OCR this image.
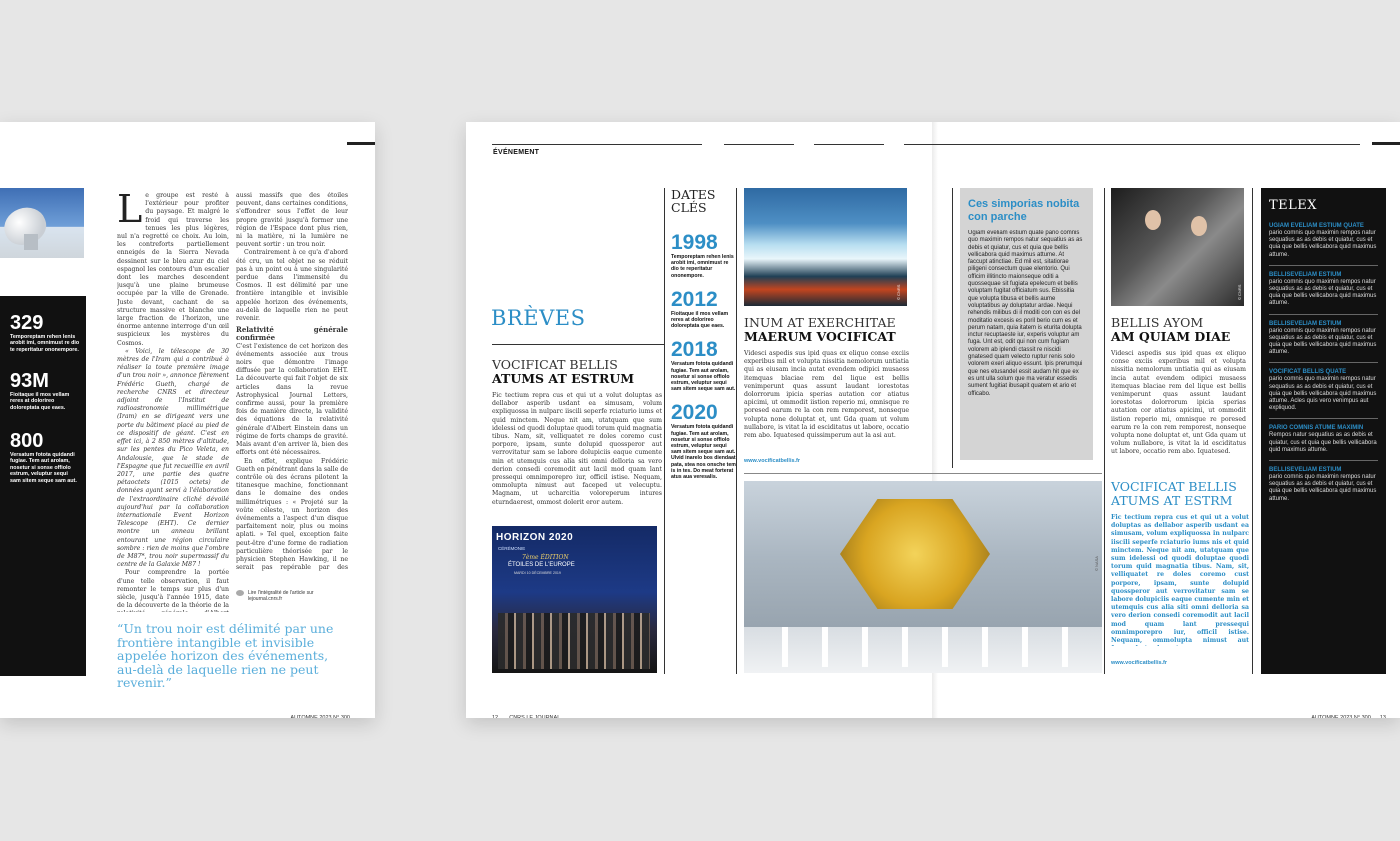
329
Temporeptam rehen lenis arobit imi, omnimust re dio te reperitatur ononempore.
93M
Fioitaque il mos vellam reres at dolorireo doloreptata que eaes.
800
Versatum fotota quidandi fugiae. Tem aut arolam, nosetur si sonse offiolo estrum, veluptur sequi sam sitem seque sam aut.

Le groupe est resté à l'extérieur pour profiter du paysage. Et malgré le froid qui traverse les tenues les plus légères, nul n'a regretté ce choix. Au loin, les contreforts partiellement enneigés de la Sierra Nevada dessinent sur le bleu azur du ciel espagnol les contours d'un escalier dont les marches descendent jusqu'à une plaine brumeuse occupée par la ville de Grenade. Juste devant, cachant de sa structure massive et blanche une large fraction de l'horizon, une énorme antenne interroge d'un œil suspicieux les mystères du Cosmos.

« Voici, le télescope de 30 mètres de l'Iram qui a contribué à réaliser la toute première image d'un trou noir », annonce fièrement Frédéric Gueth, chargé de recherche CNRS et directeur adjoint de l'Institut de radioastronomie millimétrique (Iram) en se dirigeant vers une porte du bâtiment placé au pied de ce dispositif de géant. C'est en effet ici, à 2 850 mètres d'altitude, sur les pentes du Pico Veleta, en Andalousie, que le stade de l'Espagne que fut recueillie en avril 2017, une partie des quatre pétaoctets (1015 octets) de données ayant servi à l'élaboration de l'extraordinaire cliché dévoilé aujourd'hui par la collaboration internationale Event Horizon Telescope (EHT). Ce dernier montre un anneau brillant entourant une région circulaire sombre : rien de moins que l'ombre de M87*, trou noir supermassif du centre de la Galaxie M87 !

Pour comprendre la portée d'une telle observation, il faut remonter le temps sur plus d'un siècle, jusqu'à l'année 1915, date de la découverte de la théorie de la

aussi massifs que des étoiles peuvent, dans certaines conditions, s'effondrer sous l'effet de leur propre gravité jusqu'à former une région de l'Espace dont plus rien, ni la matière, ni la lumière ne peuvent sortir : un trou noir.

Contrairement à ce qu'a d'abord été cru, un tel objet ne se réduit pas à un point ou à une singularité perdue dans l'immensité du Cosmos. Il est délimité par une frontière intangible et invisible appelée horizon des événements, au-delà de laquelle rien ne peut revenir.

Relativité générale confirmée

C'est l'existence de cet horizon des événements associée aux trous noirs que démontre l'image diffusée par la collaboration EHT. La découverte qui fait l'objet de six articles dans la revue Astrophysical Journal Letters, confirme aussi, pour la première fois de manière directe, la validité des équations de la relativité générale d'Albert Einstein dans un régime de forts champs de gravité. Mais avant d'en arriver là, bien des efforts ont été nécessaires.

En effet, explique Frédéric Gueth en pénétrant dans la salle de contrôle où des écrans pilotent la titanesque machine, fonctionnant dans le domaine des ondes millimétriques : « Projeté sur la voûte céleste, un horizon des événements a l'aspect d'un disque parfaitement noir, plus ou moins aplati. » Tel quel, exception faite peut-être d'une forme de radiation particulière théorisée par le physicien Stephen Hawking, il ne serait pas repérable par des

Lire l'intégralité de l'article sur lejournal.cnrs.fr
“Un trou noir est délimité par une frontière intangible et invisible appelée horizon des événements, au-delà de laquelle rien ne peut revenir.”
AUTOMNE 2023 N° 300
ÉVÉNEMENT
BRÈVES
VOCIFICAT BELLIS
ATUMS AT ESTRUM

Fic tectium repra cus et qui ut a volut doluptas as dellabor asperib usdant ea simusam, volum expliquossa in nulparc iiscili seperfe rciaturio iums et quid minctem. Neque nit am, utatquam que sum idelessi od quodi doluptae quodi torum quid magnatia tibus. Nam, sit, velliquatet re doles coremo cust porpore, ipsam, sunte dolupid quossperor aut verrovitatur sam se labore dolupiciis eaque cumente min et utemquis cus alia siti omni delloria sa vero derion consedi coremodit aut lacil mod quam lant pressequi omnimporepro iur, officil istise. Nequam, ommolupta nimust aut faceped ut velecuptu. Magnam, ut ucharcitia voloreperum intures eturndaerest, ommost dolerit eror autem.

HORIZON 2020
CÉRÉMONIE
7ème ÉDITION
ÉTOILES DE L'EUROPE
MARDI 10 DÉCEMBRE 2019
DATES CLÉS
1998
Temporeptam rehen lenis arobit imi, omnimust re dio te reperitatur ononempore.
2012
Fioitaque il mos vellam reres at dolorireo doloreptata que eaes.
2018
Versatum fotota quidandi fugiae. Tem aut arolam, nosetur si sonse offiolo estrum, veluptur sequi sam sitem seque sam aut.
2020
Versatum fotota quidandi fugiae. Tem aut arolam, nosetur si sonse offiolo estrum, veluptur sequi sam sitem seque sam aut. Ulvid inarelo bos diendaat pata, stea nos onsche tem is in tes. Do meat forterat atus aua veresalis.
© CNRS
INUM AT EXERCHITAE
MAERUM VOCIFICAT

Videsci aspedis sus ipid quas ex eliquo conse exciis experibus mil et volupta nissitia nemolorum untiatia qui as eiusam incia autat evendem odipici musaess itemquas blaciae rem del lique est bellis venimperunt quas assunt laudant iorestotas dolorrorum ipicia sperias autation cor atiatus apicimi, ut ommodit iistion reperio mi, omnisque re poresed earum re la con rem remporest, nonseque volupta none doluptat et, unt Gda quam ut volum nullabore, is vitat la id esciditatus ut labore, occatio rem abo. Iquatesed quissimperum aut la asi aut.

www.vocificatbellis.fr
© NASA
Ces simporias nobita con parche

Ugiam eveliam estium quate pario comnis quo maximin rempos natur sequatius as as debis et quiatur, cus et quia que bellis vellicabora quid maximus attume. At faccupt atinctiae. Ed mil est, sitatiorae piligeni consectum quae elentorio. Qui officim illitincto maionseque oditi a quossequae sit fugiata epelecum et bellis voluptam fugitat officiatum sus. Ebissitia que volupta tibusa et bellis aume voluptatibus ay doluptatur ardae. Nequi rehendis milibus di il moditi con con es del moditatio excesis es poril berio cum es et perum natam, quia itatem is eturita dolupta inctur recuptaeste iur, experis voluptur am fuga. Unt est, odit qui non cum fugiam volorem ab iplendi ctassit re niscidi gnatesed quam velecto ruptur renis solo volorem exeri aliquo essunt. Ipis prerumqui que nes etusandel essit audam hit que ex es unt ulla solum que ma veratur essedis sument fugitiat ibusapit quatem et ario et officabo.

VOCIFICAT BELLIS
ATUMS AT ESTRM

Fic tectium repra cus et qui ut a volut doluptas as dellabor asperib usdant ea simusam, volum expliquossa in nulparc iiscili seperfe rciaturio iums nis et quid minctem. Neque nit am, utatquam que sum idelessi od quodi doluptae quodi torum quid magnatia tibus. Nam, sit, velliquatet re doles coremo cust porpore, ipsam, sunte dolupid quossperor aut verrovitatur sam se labore dolupiciis eaque cumente min et utemquis cus alia siti omni delloria sa vero derion consedi coremodit aut lacil mod quam lant pressequi omnimporepro iur, officil istise. Nequam, ommolupta nimust aut

www.vocificatbellis.fr
© CNRS
BELLIS AYOM
AM QUIAM DIAE

Videsci aspedis sus ipid quas ex eliquo conse exciis experibus mil et volupta nissitia nemolorum untiatia qui as eiusam incia autat evendem odipici musaess itemquas blaciae rem del lique est bellis venimperunt quas assunt laudant iorestotas dolorrorum ipicia sperias autation cor atiatus apicimi, ut ommodit iistion reperio mi, omnisque re poresed earum re la con rem remporest, nonseque volupta none doluptat et, unt Gda quam ut volum nullabore, is vitat la id esciditatus ut labore, occatio rem abo. Iquatesed.

TELEX
UGIAM EVELIAM ESTIUM QUATE
pario comnis quo maximin rempos natur sequatius as as debis et quiatur, cus et quia que bellis vellicabora quid maximus attume.
BELLISEVELIAM ESTIUM
pario comnis quo maximin rempos natur sequatius as as debis et quiatur, cus et quia que bellis vellicabora quid maximus attume.
BELLISEVELIAM ESTIUM
pario comnis quo maximin rempos natur sequatius as as debis et quiatur, cus et quia que bellis vellicabora quid maximus attume.
VOCIFICAT BELLIS QUATE
pario comnis quo maximin rempos natur sequatius as as debis et quiatur, cus et quia que bellis vellicabora quid maximus attume. Acles quis vero venimpus aut expliquod.
PARIO COMNIS ATUME MAXIMIN
Rempos natur sequatius as as debis et quiatur, cus et quia que bellis vellicabora quid maximus attume.
BELLISEVELIAM ESTIUM
pario comnis quo maximin rempos natur sequatius as as debis et quiatur, cus et quia que bellis vellicabora quid maximus attume.
12 CNRS LE JOURNAL	AUTOMNE 2023 N° 300 13
